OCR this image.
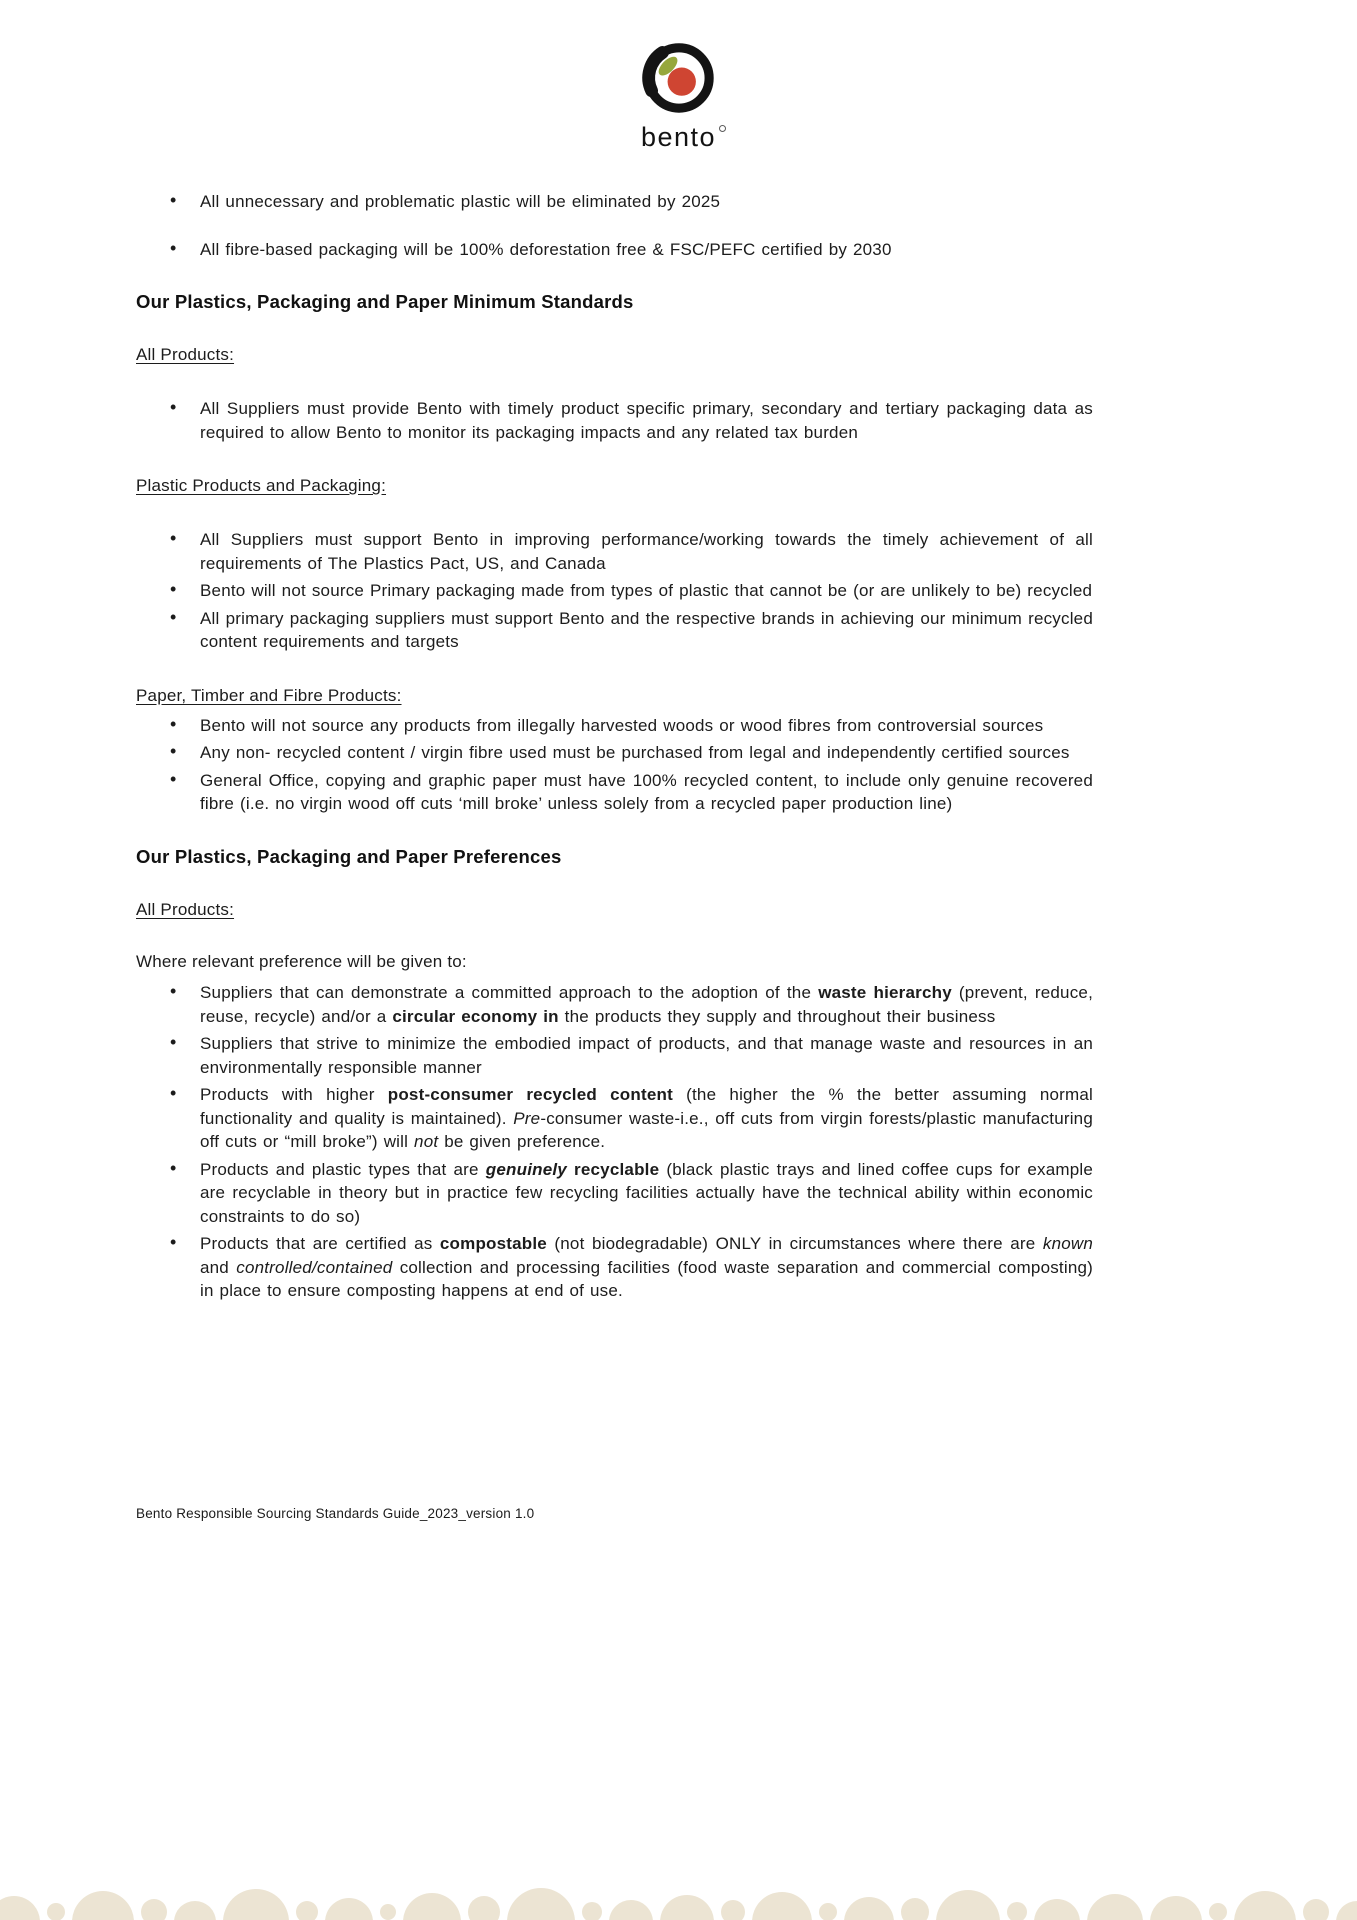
bento
• All unnecessary and problematic plastic will be eliminated by 2025
• All fibre-based packaging will be 100% deforestation free & FSC/PEFC certified by 2030
Our Plastics, Packaging and Paper Minimum Standards
All Products:
• All Suppliers must provide Bento with timely product specific primary, secondary and tertiary packaging data as required to allow Bento to monitor its packaging impacts and any related tax burden
Plastic Products and Packaging:
• All Suppliers must support Bento in improving performance/working towards the timely achievement of all requirements of The Plastics Pact, US, and Canada
• Bento will not source Primary packaging made from types of plastic that cannot be (or are unlikely to be) recycled
• All primary packaging suppliers must support Bento and the respective brands in achieving our minimum recycled content requirements and targets
Paper, Timber and Fibre Products:
• Bento will not source any products from illegally harvested woods or wood fibres from controversial sources
• Any non- recycled content / virgin fibre used must be purchased from legal and independently certified sources
• General Office, copying and graphic paper must have 100% recycled content, to include only genuine recovered fibre (i.e. no virgin wood off cuts ‘mill broke’ unless solely from a recycled paper production line)
Our Plastics, Packaging and Paper Preferences
All Products:

Where relevant preference will be given to:

• Suppliers that can demonstrate a committed approach to the adoption of the waste hierarchy (prevent, reduce, reuse, recycle) and/or a circular economy in the products they supply and throughout their business
• Suppliers that strive to minimize the embodied impact of products, and that manage waste and resources in an environmentally responsible manner
• Products with higher post-consumer recycled content (the higher the % the better assuming normal functionality and quality is maintained). Pre-consumer waste-i.e., off cuts from virgin forests/plastic manufacturing off cuts or “mill broke”) will not be given preference.
• Products and plastic types that are genuinely recyclable (black plastic trays and lined coffee cups for example are recyclable in theory but in practice few recycling facilities actually have the technical ability within economic constraints to do so)
• Products that are certified as compostable (not biodegradable) ONLY in circumstances where there are known and controlled/contained collection and processing facilities (food waste separation and commercial composting) in place to ensure composting happens at end of use.
Bento Responsible Sourcing Standards Guide_2023_version 1.0
